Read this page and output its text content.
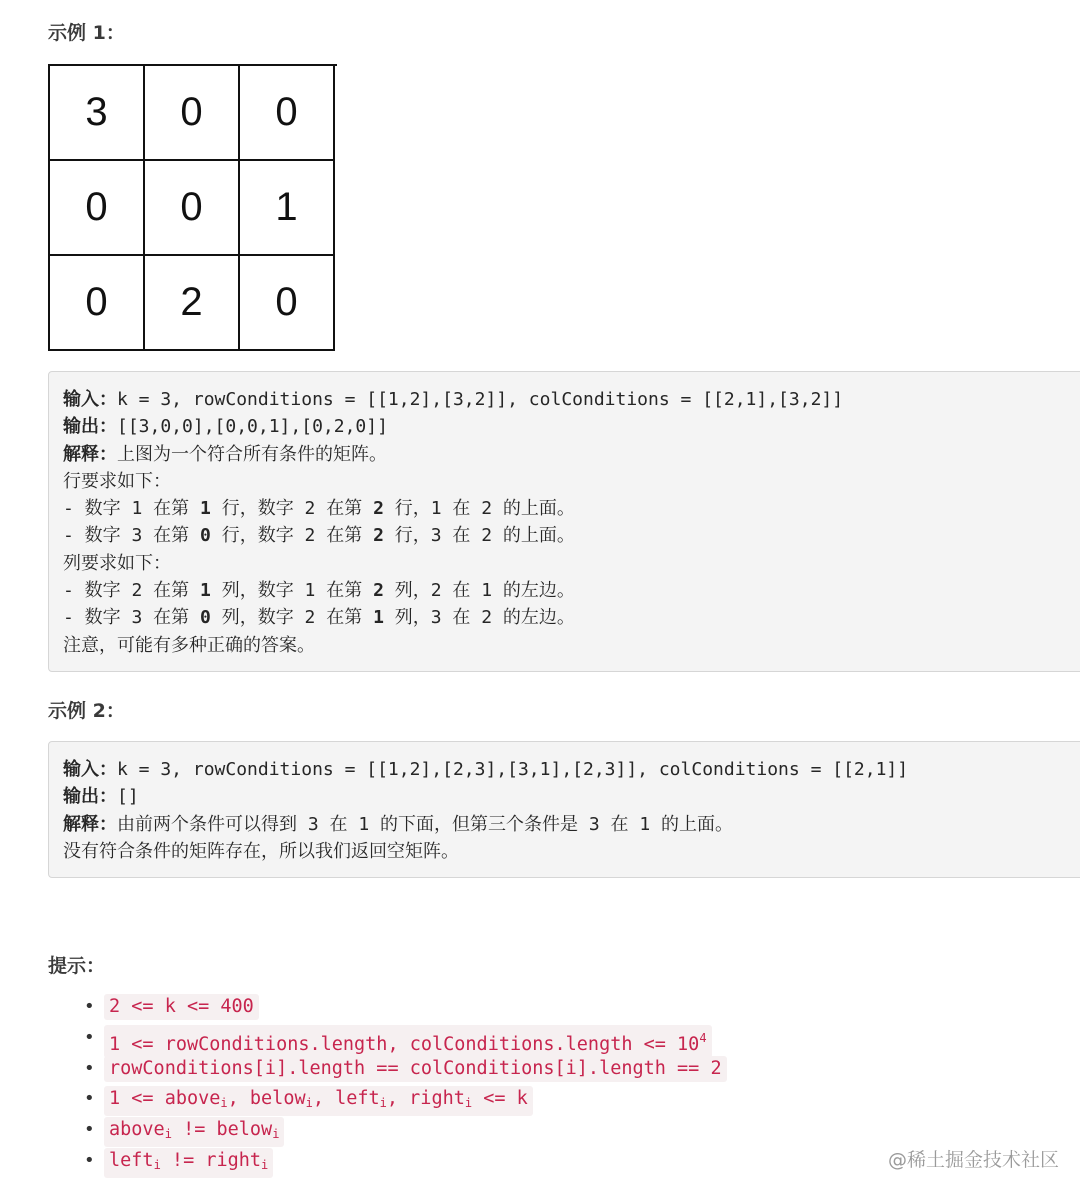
示例 1：
3	0	0
0	0	1
0	2	0
输入：k = 3, rowConditions = [[1,2],[3,2]], colConditions = [[2,1],[3,2]]
输出：[[3,0,0],[0,0,1],[0,2,0]]
解释：上图为一个符合所有条件的矩阵。
行要求如下：
- 数字 1 在第 1 行，数字 2 在第 2 行，1 在 2 的上面。
- 数字 3 在第 0 行，数字 2 在第 2 行，3 在 2 的上面。
列要求如下：
- 数字 2 在第 1 列，数字 1 在第 2 列，2 在 1 的左边。
- 数字 3 在第 0 列，数字 2 在第 1 列，3 在 2 的左边。
注意，可能有多种正确的答案。
示例 2：
输入：k = 3, rowConditions = [[1,2],[2,3],[3,1],[2,3]], colConditions = [[2,1]]
输出：[]
解释：由前两个条件可以得到 3 在 1 的下面，但第三个条件是 3 在 1 的上面。
没有符合条件的矩阵存在，所以我们返回空矩阵。
提示：
• 2 <= k <= 400
• 1 <= rowConditions.length, colConditions.length <= $10^4$
• rowConditions[i].length == colConditions[i].length == 2
• 1 <= above$_i$, below$_i$, left$_i$, right$_i$ <= k
• above$_i$ != below$_i$
• left$_i$ != right$_i$	@稀土掘金技术社区
